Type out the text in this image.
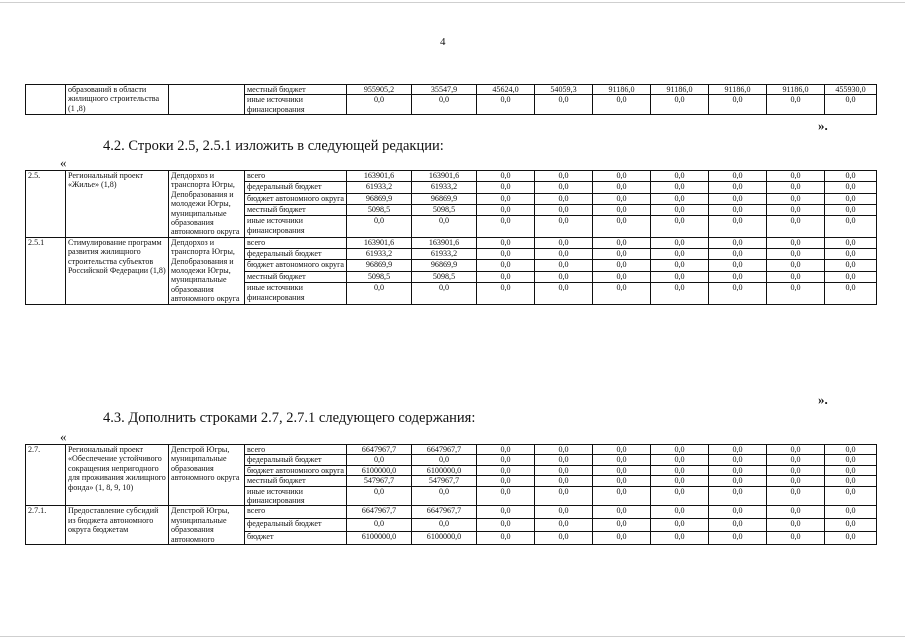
4
	образований в области жилищного строительства (1 ,8)		местный бюджет	955905,2	35547,9	45624,0	54059,3	91186,0	91186,0	91186,0	91186,0	455930,0
			иные источники финансирования	0,0	0,0	0,0	0,0	0,0	0,0	0,0	0,0	0,0
».
4.2. Строки 2.5, 2.5.1 изложить в следующей редакции:
«
2.5.	Региональный проект «Жилье» (1,8)	Депдорхоз и транспорта Югры, Депобразования и молодежи Югры, муниципальные образования автономного округа	всего	163901,6	163901,6	0,0	0,0	0,0	0,0	0,0	0,0	0,0
			федеральный бюджет	61933,2	61933,2	0,0	0,0	0,0	0,0	0,0	0,0	0,0
			бюджет автономного округа	96869,9	96869,9	0,0	0,0	0,0	0,0	0,0	0,0	0,0
			местный бюджет	5098,5	5098,5	0,0	0,0	0,0	0,0	0,0	0,0	0,0
			иные источники финансирования	0,0	0,0	0,0	0,0	0,0	0,0	0,0	0,0	0,0
2.5.1	Стимулирование программ развития жилищного строительства субъектов Российской Федерации (1,8)	Депдорхоз и транспорта Югры, Депобразования и молодежи Югры, муниципальные образования автономного округа	всего	163901,6	163901,6	0,0	0,0	0,0	0,0	0,0	0,0	0,0
			федеральный бюджет	61933,2	61933,2	0,0	0,0	0,0	0,0	0,0	0,0	0,0
			бюджет автономного округа	96869,9	96869,9	0,0	0,0	0,0	0,0	0,0	0,0	0,0
			местный бюджет	5098,5	5098,5	0,0	0,0	0,0	0,0	0,0	0,0	0,0
			иные источники финансирования	0,0	0,0	0,0	0,0	0,0	0,0	0,0	0,0	0,0
».
4.3. Дополнить строками 2.7, 2.7.1 следующего содержания:
«
2.7.	Региональный проект «Обеспечение устойчивого сокращения непригодного для проживания жилищного фонда» (1, 8, 9, 10)	Депстрой Югры, муниципальные образования автономного округа	всего	6647967,7	6647967,7	0,0	0,0	0,0	0,0	0,0	0,0	0,0
			федеральный бюджет	0,0	0,0	0,0	0,0	0,0	0,0	0,0	0,0	0,0
			бюджет автономного округа	6100000,0	6100000,0	0,0	0,0	0,0	0,0	0,0	0,0	0,0
			местный бюджет	547967,7	547967,7	0,0	0,0	0,0	0,0	0,0	0,0	0,0
			иные источники финансирования	0,0	0,0	0,0	0,0	0,0	0,0	0,0	0,0	0,0
2.7.1.	Предоставление субсидий из бюджета автономного округа бюджетам	Депстрой Югры, муниципальные образования автономного	всего	6647967,7	6647967,7	0,0	0,0	0,0	0,0	0,0	0,0	0,0
			федеральный бюджет	0,0	0,0	0,0	0,0	0,0	0,0	0,0	0,0	0,0
			бюджет	6100000,0	6100000,0	0,0	0,0	0,0	0,0	0,0	0,0	0,0
